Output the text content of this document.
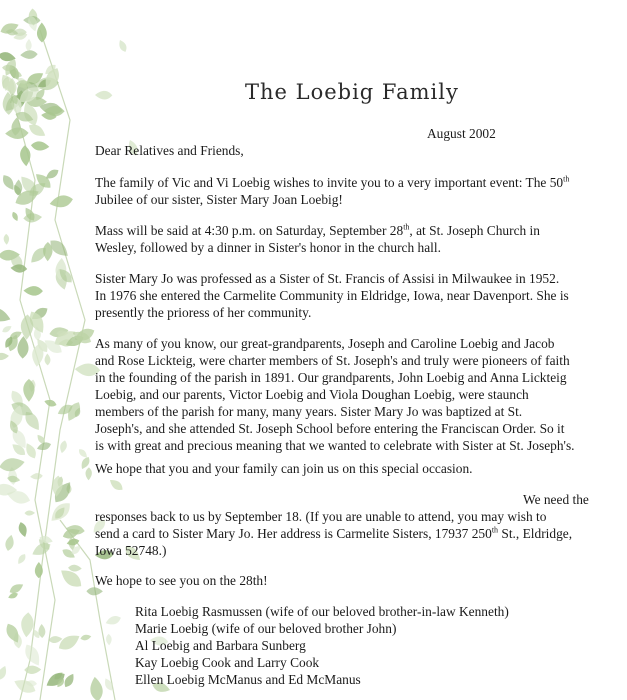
The Loebig Family
August 2002
Dear Relatives and Friends,
The family of Vic and Vi Loebig wishes to invite you to a very important event: The 50th
Jubilee of our sister, Sister Mary Joan Loebig!
Mass will be said at 4:30 p.m. on Saturday, September 28th, at St. Joseph Church in
Wesley, followed by a dinner in Sister's honor in the church hall.
Sister Mary Jo was professed as a Sister of St. Francis of Assisi in Milwaukee in 1952.
In 1976 she entered the Carmelite Community in Eldridge, Iowa, near Davenport. She is
presently the prioress of her community.
As many of you know, our great-grandparents, Joseph and Caroline Loebig and Jacob
and Rose Lickteig, were charter members of St. Joseph's and truly were pioneers of faith
in the founding of the parish in 1891. Our grandparents, John Loebig and Anna Lickteig
Loebig, and our parents, Victor Loebig and Viola Doughan Loebig, were staunch
members of the parish for many, many years. Sister Mary Jo was baptized at St.
Joseph's, and she attended St. Joseph School before entering the Franciscan Order. So it
is with great and precious meaning that we wanted to celebrate with Sister at St. Joseph's.
We hope that you and your family can join us on this special occasion.
We need the
responses back to us by September 18. (If you are unable to attend, you may wish to
send a card to Sister Mary Jo. Her address is Carmelite Sisters, 17937 250th St., Eldridge,
Iowa 52748.)
We hope to see you on the 28th!
Rita Loebig Rasmussen (wife of our beloved brother-in-law Kenneth)
Marie Loebig (wife of our beloved brother John)
Al Loebig and Barbara Sunberg
Kay Loebig Cook and Larry Cook
Ellen Loebig McManus and Ed McManus
